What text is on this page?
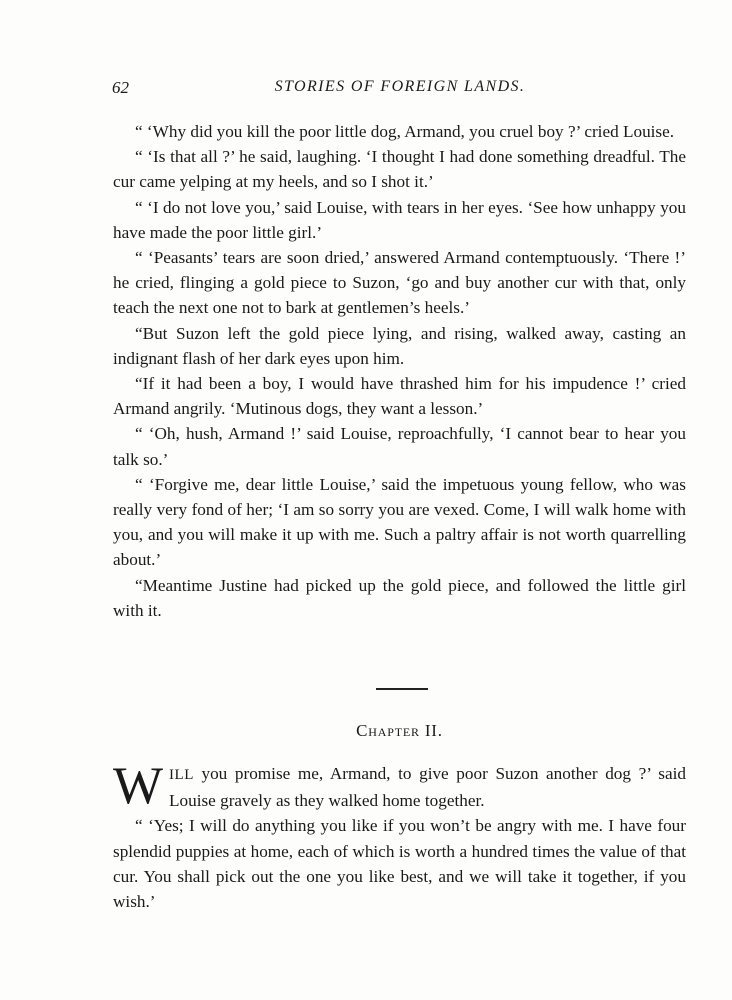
62	STORIES OF FOREIGN LANDS.

“ ‘Why did you kill the poor little dog, Armand, you cruel boy ?’ cried Louise.

“ ‘Is that all ?’ he said, laughing. ‘I thought I had done something dreadful. The cur came yelping at my heels, and so I shot it.’

“ ‘I do not love you,’ said Louise, with tears in her eyes. ‘See how unhappy you have made the poor little girl.’

“ ‘Peasants’ tears are soon dried,’ answered Armand contemptuously. ‘There !’ he cried, flinging a gold piece to Suzon, ‘go and buy another cur with that, only teach the next one not to bark at gentlemen’s heels.’

“But Suzon left the gold piece lying, and rising, walked away, casting an indignant flash of her dark eyes upon him.

“If it had been a boy, I would have thrashed him for his impudence !’ cried Armand angrily. ‘Mutinous dogs, they want a lesson.’

“ ‘Oh, hush, Armand !’ said Louise, reproachfully, ‘I cannot bear to hear you talk so.’

“ ‘Forgive me, dear little Louise,’ said the impetuous young fellow, who was really very fond of her; ‘I am so sorry you are vexed. Come, I will walk home with you, and you will make it up with me. Such a paltry affair is not worth quarrelling about.’

“Meantime Justine had picked up the gold piece, and followed the little girl with it.

Chapter II.

WILL you promise me, Armand, to give poor Suzon another dog ?’ said Louise gravely as they walked home together.

“ ‘Yes; I will do anything you like if you won’t be angry with me. I have four splendid puppies at home, each of which is worth a hundred times the value of that cur. You shall pick out the one you like best, and we will take it together, if you wish.’
